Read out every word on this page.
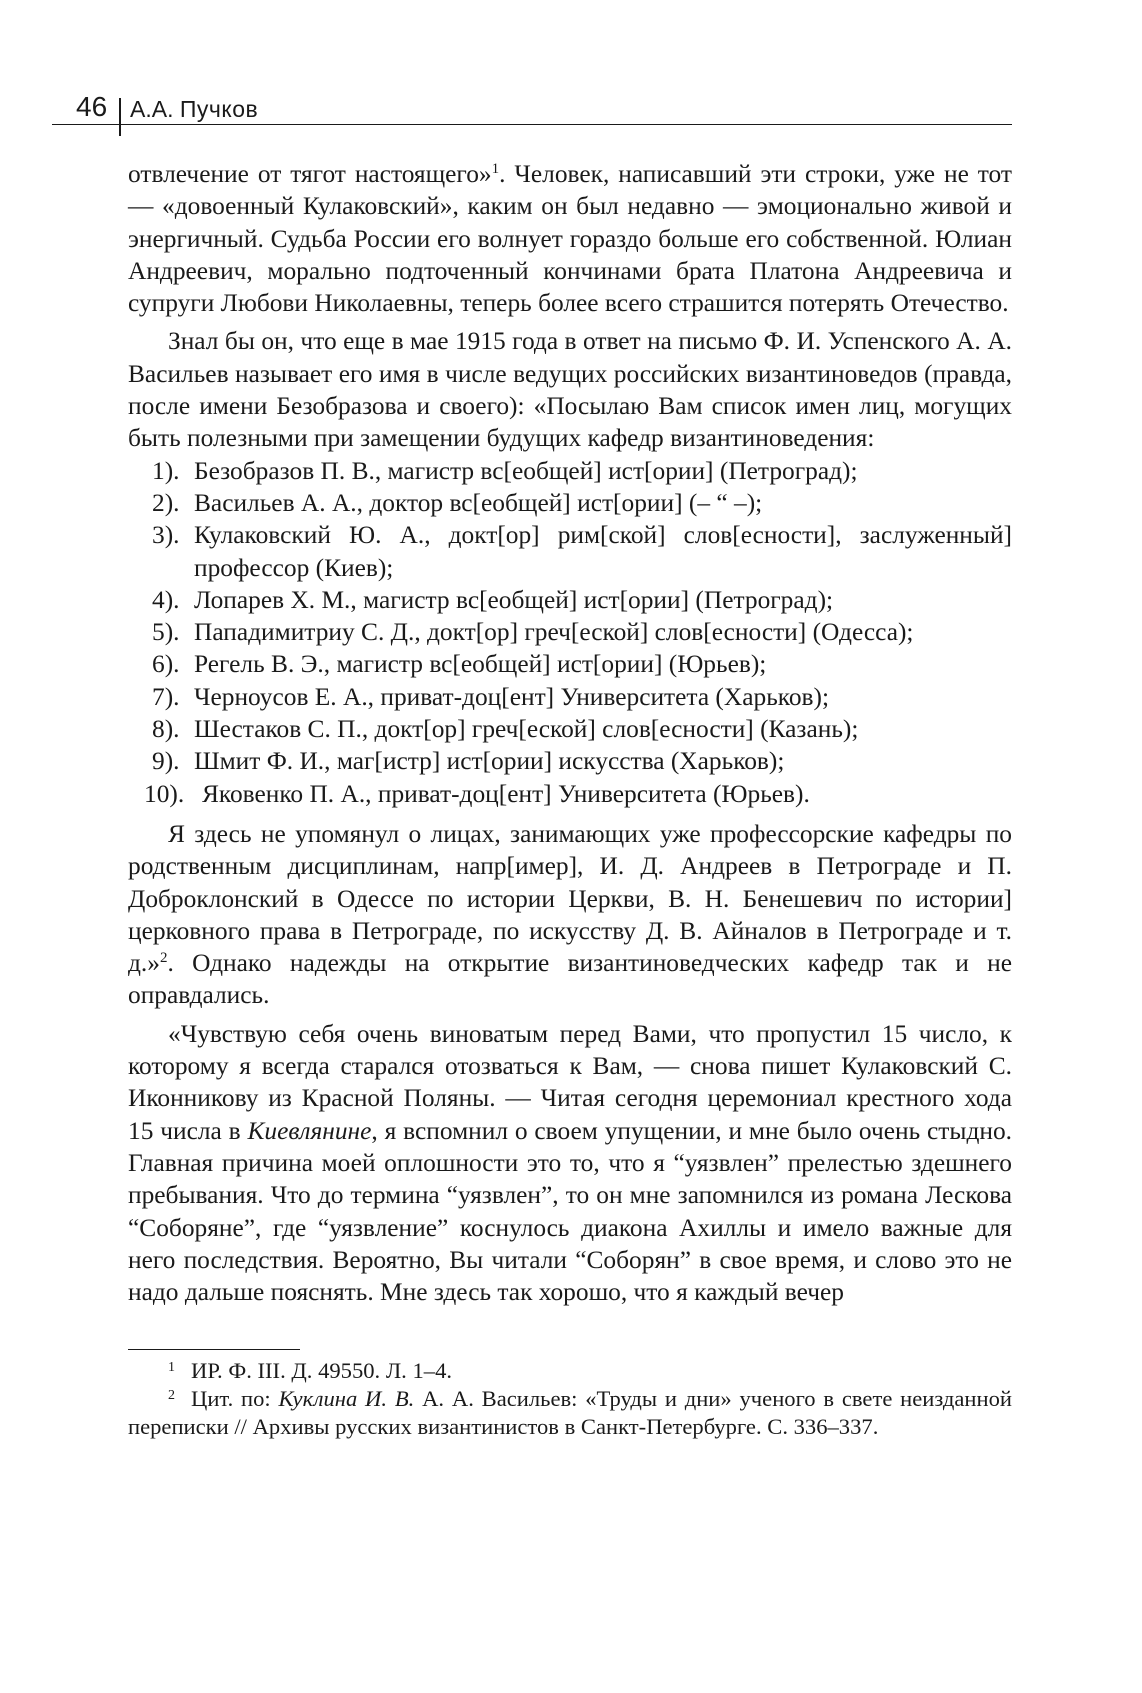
46 А.А. Пучков

отвлечение от тягот настоящего»$^1$. Человек, написавший эти строки, уже не тот — «довоенный Кулаковский», каким он был недавно — эмоционально живой и энергичный. Судьба России его волнует гораздо больше его собственной. Юлиан Андреевич, морально подточенный кончинами брата Платона Андреевича и супруги Любови Николаевны, теперь более всего страшится потерять Отечество.

Знал бы он, что еще в мае 1915 года в ответ на письмо Ф. И. Успенского А. А. Васильев называет его имя в числе ведущих российских византиноведов (правда, после имени Безобразова и своего): «Посылаю Вам список имен лиц, могущих быть полезными при замещении будущих кафедр византиноведения:

1). Безобразов П. В., магистр вс[еобщей] ист[ории] (Петроград);
2). Васильев А. А., доктор вс[еобщей] ист[ории] (– “ –);
3). Кулаковский Ю. А., докт[ор] рим[ской] слов[есности], заслуженный] профессор (Киев);
4). Лопарев Х. М., магистр вс[еобщей] ист[ории] (Петроград);
5). Пападимитриу С. Д., докт[ор] греч[еской] слов[есности] (Одесса);
6). Регель В. Э., магистр вс[еобщей] ист[ории] (Юрьев);
7). Черноусов Е. А., приват-доц[ент] Университета (Харьков);
8). Шестаков С. П., докт[ор] греч[еской] слов[есности] (Казань);
9). Шмит Ф. И., маг[истр] ист[ории] искусства (Харьков);
10). Яковенко П. А., приват-доц[ент] Университета (Юрьев).

Я здесь не упомянул о лицах, занимающих уже профессорские кафедры по родственным дисциплинам, напр[имер], И. Д. Андреев в Петрограде и П. Доброклонский в Одессе по истории Церкви, В. Н. Бенешевич по истории] церковного права в Петрограде, по искусству Д. В. Айналов в Петрограде и т. д.»$^2$. Однако надежды на открытие византиноведческих кафедр так и не оправдались.

«Чувствую себя очень виноватым перед Вами, что пропустил 15 число, к которому я всегда старался отозваться к Вам, — снова пишет Кулаковский С. Иконникову из Красной Поляны. — Читая сегодня церемониал крестного хода 15 числа в Киевлянине, я вспомнил о своем упущении, и мне было очень стыдно. Главная причина моей оплошности это то, что я “уязвлен” прелестью здешнего пребывания. Что до термина “уязвлен”, то он мне запомнился из романа Лескова “Соборяне”, где “уязвление” коснулось диакона Ахиллы и имело важные для него последствия. Вероятно, Вы читали “Соборян” в свое время, и слово это не надо дальше пояснять. Мне здесь так хорошо, что я каждый вечер

$^1$ ИР. Ф. III. Д. 49550. Л. 1–4.

$^2$ Цит. по: Куклина И. В. А. А. Васильев: «Труды и дни» ученого в свете неизданной переписки // Архивы русских византинистов в Санкт-Петербурге. С. 336–337.
